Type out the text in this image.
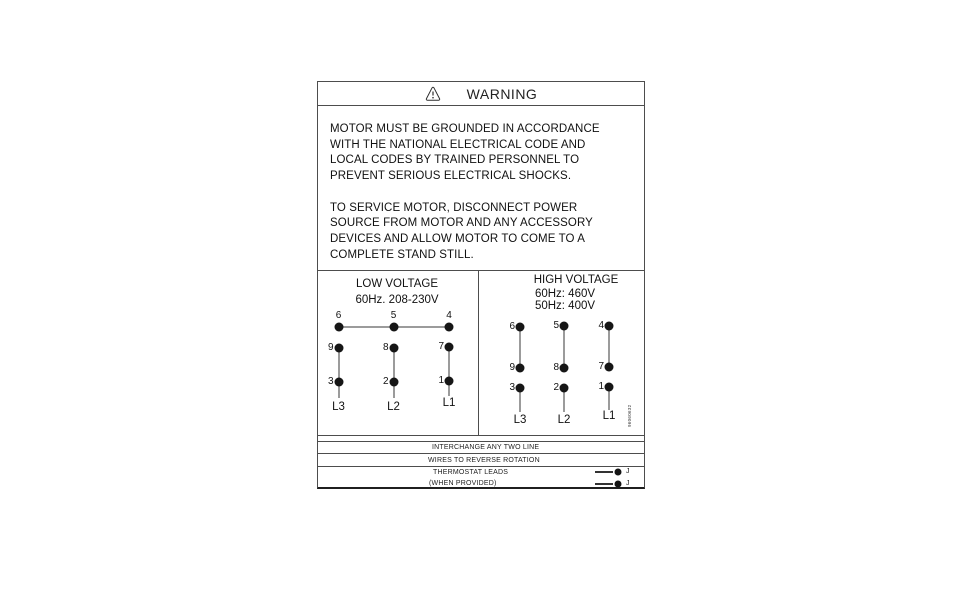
WARNING
MOTOR MUST BE GROUNDED IN ACCORDANCE
WITH THE NATIONAL ELECTRICAL CODE AND
LOCAL CODES BY TRAINED PERSONNEL TO
PREVENT SERIOUS ELECTRICAL SHOCKS.
TO SERVICE MOTOR, DISCONNECT POWER
SOURCE FROM MOTOR AND ANY ACCESSORY
DEVICES AND ALLOW MOTOR TO COME TO A
COMPLETE STAND STILL.
LOW VOLTAGE
60Hz. 208-230V
6	5	4
9	8	7
3	2	1
L3	L2	L1
HIGH VOLTAGE
60Hz: 460V
50Hz: 400V
6	5	4
9	8	7
3	2	1
L3	L2	L1	96060632
INTERCHANGE ANY TWO LINE
WIRES TO REVERSE ROTATION
THERMOSTAT LEADS
(WHEN PROVIDED)
J
J
